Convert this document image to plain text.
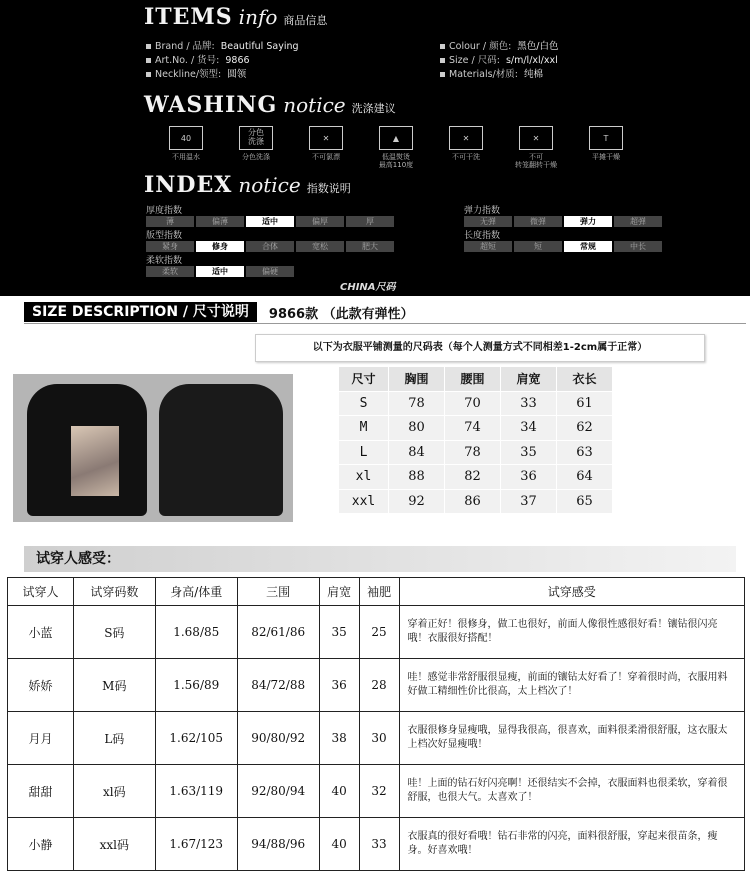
ITEMS info 商品信息
Brand / 品牌: Beautiful Saying
Art.No. / 货号: 9866
Neckline/领型: 圆领
Colour / 颜色: 黑色/白色
Size / 尺码: s/m/l/xl/xxl
Materials/材质: 纯棉
WASHING notice 洗涤建议
40
不用温水
分色
洗涤
分色洗涤
✕
不可氯漂
▲
低温熨烫
最高110度
✕
不可干洗
✕
不可
转笼翻转干燥
T
平摊干燥
INDEX notice 指数说明
厚度指数
薄	偏薄	适中	偏厚	厚
版型指数
紧身	修身	合体	宽松	肥大
柔软指数
柔软	适中	偏硬
弹力指数
无弹	微弹	弹力	超弹
长度指数
超短	短	常规	中长
CHINA尺码
SIZE DESCRIPTION / 尺寸说明	9866款 （此款有弹性）
以下为衣服平铺测量的尺码表（每个人测量方式不同相差1-2cm属于正常）
尺寸	胸围	腰围	肩宽	衣长
S	78	70	33	61
M	80	74	34	62
L	84	78	35	63
xl	88	82	36	64
xxl	92	86	37	65
试穿人感受：
试穿人	试穿码数	身高/体重	三围	肩宽	袖肥	试穿感受
小蓝	S码	1.68/85	82/61/86	35	25	穿着正好！很修身，做工也很好，前面人像很性感很好看！镶钻很闪亮哦！衣服很好搭配！
娇娇	M码	1.56/89	84/72/88	36	28	哇！感觉非常舒服很显瘦，前面的镶钻太好看了！穿着很时尚，衣服用料好做工精细性价比很高，太上档次了！
月月	L码	1.62/105	90/80/92	38	30	衣服很修身显瘦哦，显得我很高，很喜欢，面料很柔滑很舒服，这衣服太上档次好显瘦哦！
甜甜	xl码	1.63/119	92/80/94	40	32	哇！上面的钻石好闪亮啊！还很结实不会掉，衣服面料也很柔软，穿着很舒服，也很大气。太喜欢了！
小静	xxl码	1.67/123	94/88/96	40	33	衣服真的很好看哦！钻石非常的闪亮，面料很舒服，穿起来很苗条，瘦身。好喜欢哦！
